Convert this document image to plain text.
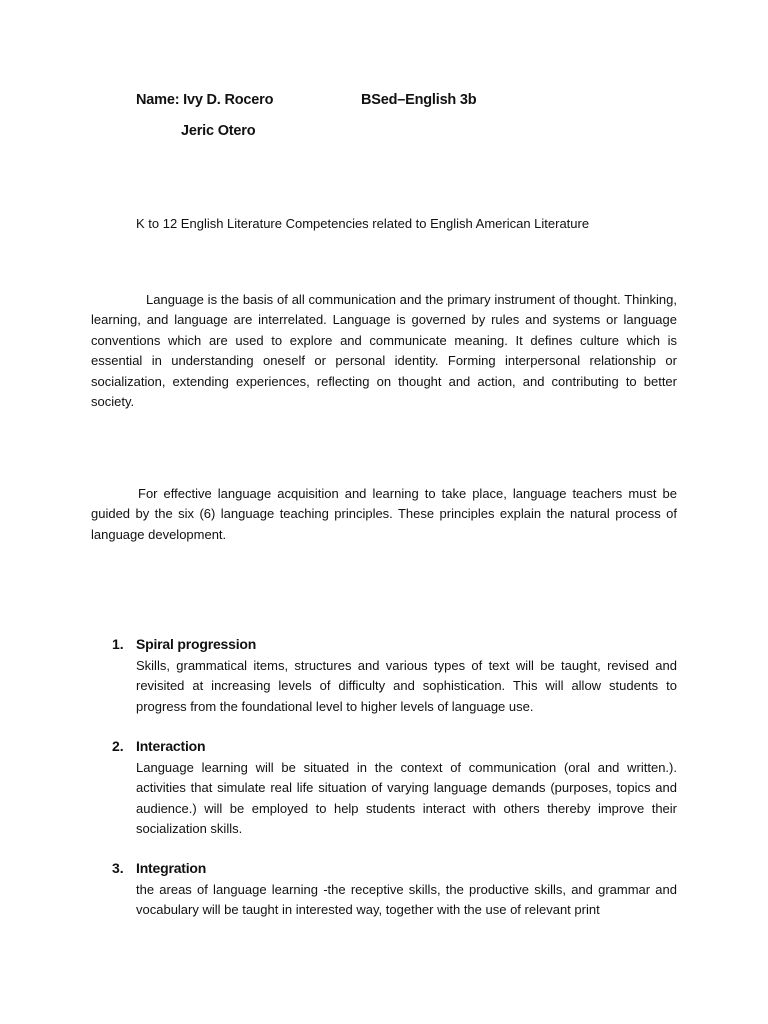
Name: Ivy D. Rocero	BSed–English 3b
Jeric Otero
K to 12 English Literature Competencies related to English American Literature

Language is the basis of all communication and the primary instrument of thought. Thinking, learning, and language are interrelated. Language is governed by rules and systems or language conventions which are used to explore and communicate meaning. It defines culture which is essential in understanding oneself or personal identity. Forming interpersonal relationship or socialization, extending experiences, reflecting on thought and action, and contributing to better society.

For effective language acquisition and learning to take place, language teachers must be guided by the six (6) language teaching principles. These principles explain the natural process of language development.

1. Spiral progression
Skills, grammatical items, structures and various types of text will be taught, revised and revisited at increasing levels of difficulty and sophistication. This will allow students to progress from the foundational level to higher levels of language use.
2. Interaction
Language learning will be situated in the context of communication (oral and written.). activities that simulate real life situation of varying language demands (purposes, topics and audience.) will be employed to help students interact with others thereby improve their socialization skills.
3. Integration
the areas of language learning -the receptive skills, the productive skills, and grammar and vocabulary will be taught in interested way, together with the use of relevant print
